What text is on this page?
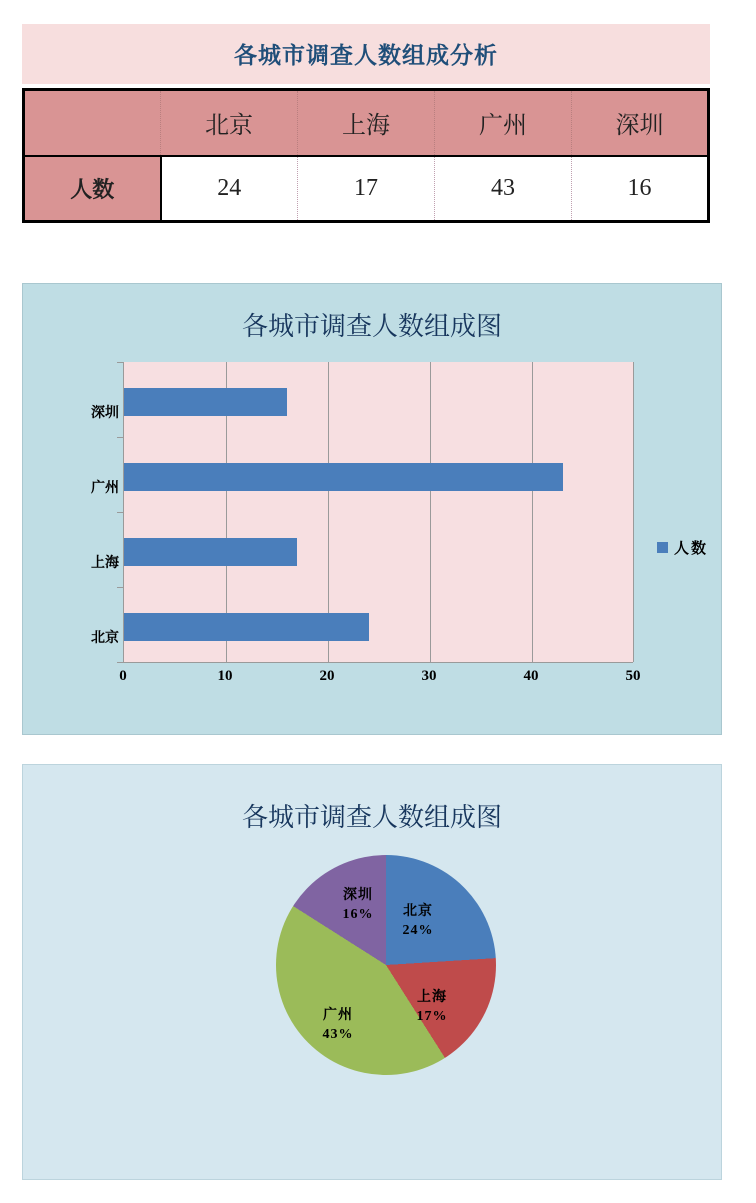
各城市调查人数组成分析
	北京	上海	广州	深圳
人数	24	17	43	16
各城市调查人数组成图
深圳
广州
上海
北京
0	10	20	30	40	50
人数
各城市调查人数组成图
北京
24%
上海
17%
广州
43%
深圳
16%
